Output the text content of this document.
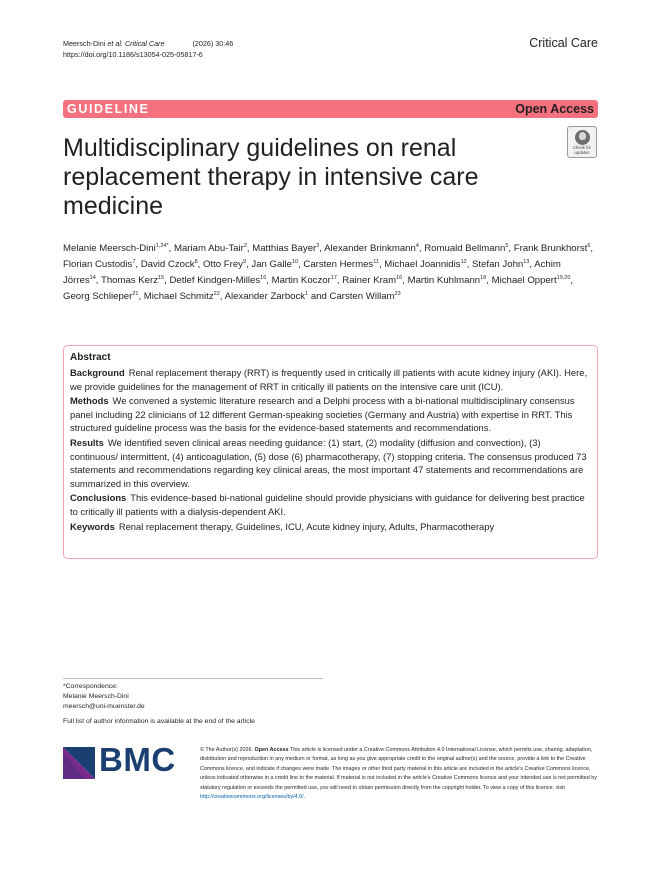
Meersch-Dini et al. Critical Care	(2026) 30:46
https://doi.org/10.1186/s13054-025-05817-6
Critical Care
GUIDELINE	Open Access
Multidisciplinary guidelines on renal replacement therapy in intensive care medicine
Check for updates
Melanie Meersch-Dini$^{1,24*}$, Mariam Abu-Tair$^2$, Matthias Bayer$^3$, Alexander Brinkmann$^4$, Romuald Bellmann$^5$, Frank Brunkhorst$^6$, Florian Custodis$^7$, David Czock$^8$, Otto Frey$^9$, Jan Galle$^{10}$, Carsten Hermes$^{11}$, Michael Joannidis$^{12}$, Stefan John$^{13}$, Achim Jörres$^{14}$, Thomas Kerz$^{15}$, Detlef Kindgen-Milles$^{16}$, Martin Koczor$^{17}$, Rainer Kram$^{16}$, Martin Kuhlmann$^{18}$, Michael Oppert$^{19,20}$, Georg Schlieper$^{21}$, Michael Schmitz$^{22}$, Alexander Zarbock$^1$ and Carsten Willam$^{23}$
Abstract

Background Renal replacement therapy (RRT) is frequently used in critically ill patients with acute kidney injury (AKI). Here, we provide guidelines for the management of RRT in critically ill patients on the intensive care unit (ICU).

Methods We convened a systemic literature research and a Delphi process with a bi-national multidisciplinary consensus panel including 22 clinicians of 12 different German-speaking societies (Germany and Austria) with expertise in RRT. This structured guideline process was the basis for the evidence-based statements and recommendations.

Results We identified seven clinical areas needing guidance: (1) start, (2) modality (diffusion and convection), (3) continuous/ intermittent, (4) anticoagulation, (5) dose (6) pharmacotherapy, (7) stopping criteria. The consensus produced 73 statements and recommendations regarding key clinical areas, the most important 47 statements and recommendations are summarized in this overview.

Conclusions This evidence-based bi-national guideline should provide physicians with guidance for delivering best practice to critically ill patients with a dialysis-dependent AKI.

Keywords Renal replacement therapy, Guidelines, ICU, Acute kidney injury, Adults, Pharmacotherapy

*Correspondence:
Melanie Meersch-Dini
meersch@uni-muenster.de
Full list of author information is available at the end of the article
BMC	© The Author(s) 2026. Open Access This article is licensed under a Creative Commons Attribution 4.0 International License, which permits use, sharing, adaptation, distribution and reproduction in any medium or format, as long as you give appropriate credit to the original author(s) and the source, provide a link to the Creative Commons licence, and indicate if changes were made. The images or other third party material in this article are included in the article’s Creative Commons licence, unless indicated otherwise in a credit line to the material. If material is not included in the article’s Creative Commons licence and your intended use is not permitted by statutory regulation or exceeds the permitted use, you will need to obtain permission directly from the copyright holder. To view a copy of this licence, visit http://creativecommons.org/licenses/by/4.0/.
